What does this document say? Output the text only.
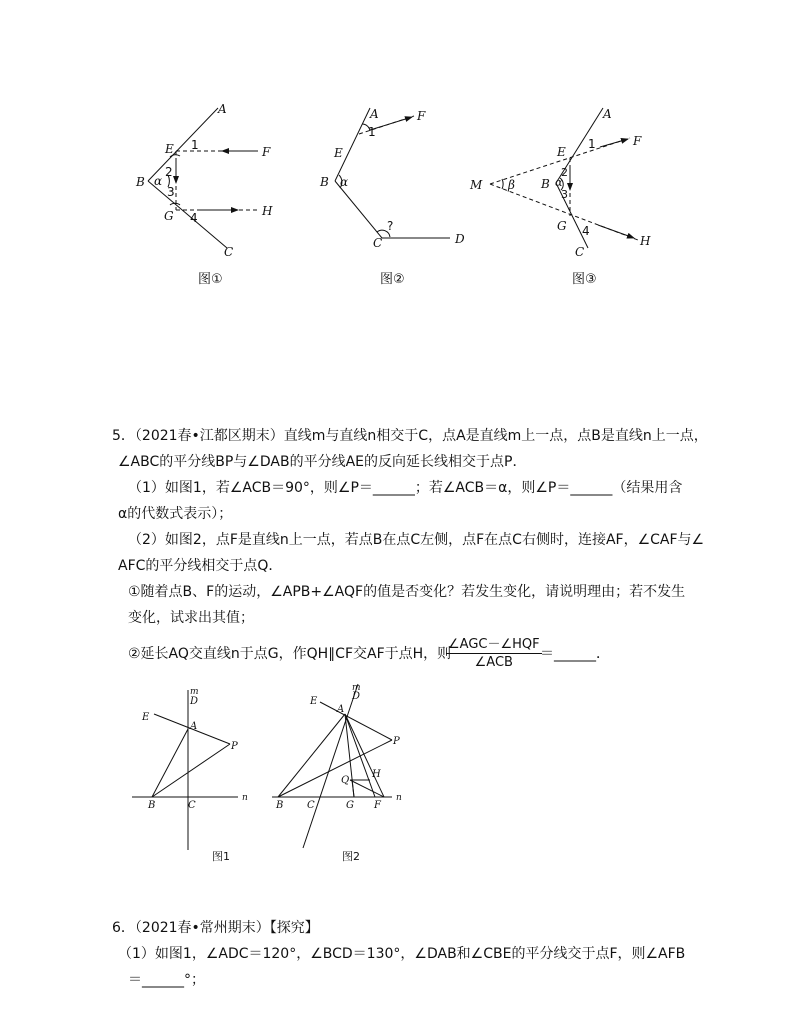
A
E 1	F
2
B α
3
G 4	H
C
A	F
1
E
B α
?
C	D
A
F
1
E
M β
2
B α
3
G 4
C
H
图①	图②	图③
5．（2021春•江都区期末）直线m与直线n相交于C，点A是直线m上一点，点B是直线n上一点，
∠ABC的平分线BP与∠DAB的平分线AE的反向延长线相交于点P．
（1）如图1，若∠ACB＝90°，则∠P＝______；若∠ACB＝α，则∠P＝______（结果用含
α的代数式表示）；
（2）如图2，点F是直线n上一点，若点B在点C左侧，点F在点C右侧时，连接AF，∠CAF与∠
AFC的平分线相交于点Q．
①随着点B、F的运动，∠APB+∠AQF的值是否变化？若发生变化，请说明理由；若不发生
变化，试求出其值；
②延长AQ交直线n于点G，作QH∥CF交AF于点H，则
∠AGC－∠HQF
∠ACB
＝______．
m
D
E
A
P
n
B	C
m
D
E
A
P
Q
H
n
B C	G F
图1	图2
6．（2021春•常州期末）【探究】
（1）如图1，∠ADC＝120°，∠BCD＝130°，∠DAB和∠CBE的平分线交于点F，则∠AFB
＝______°；
